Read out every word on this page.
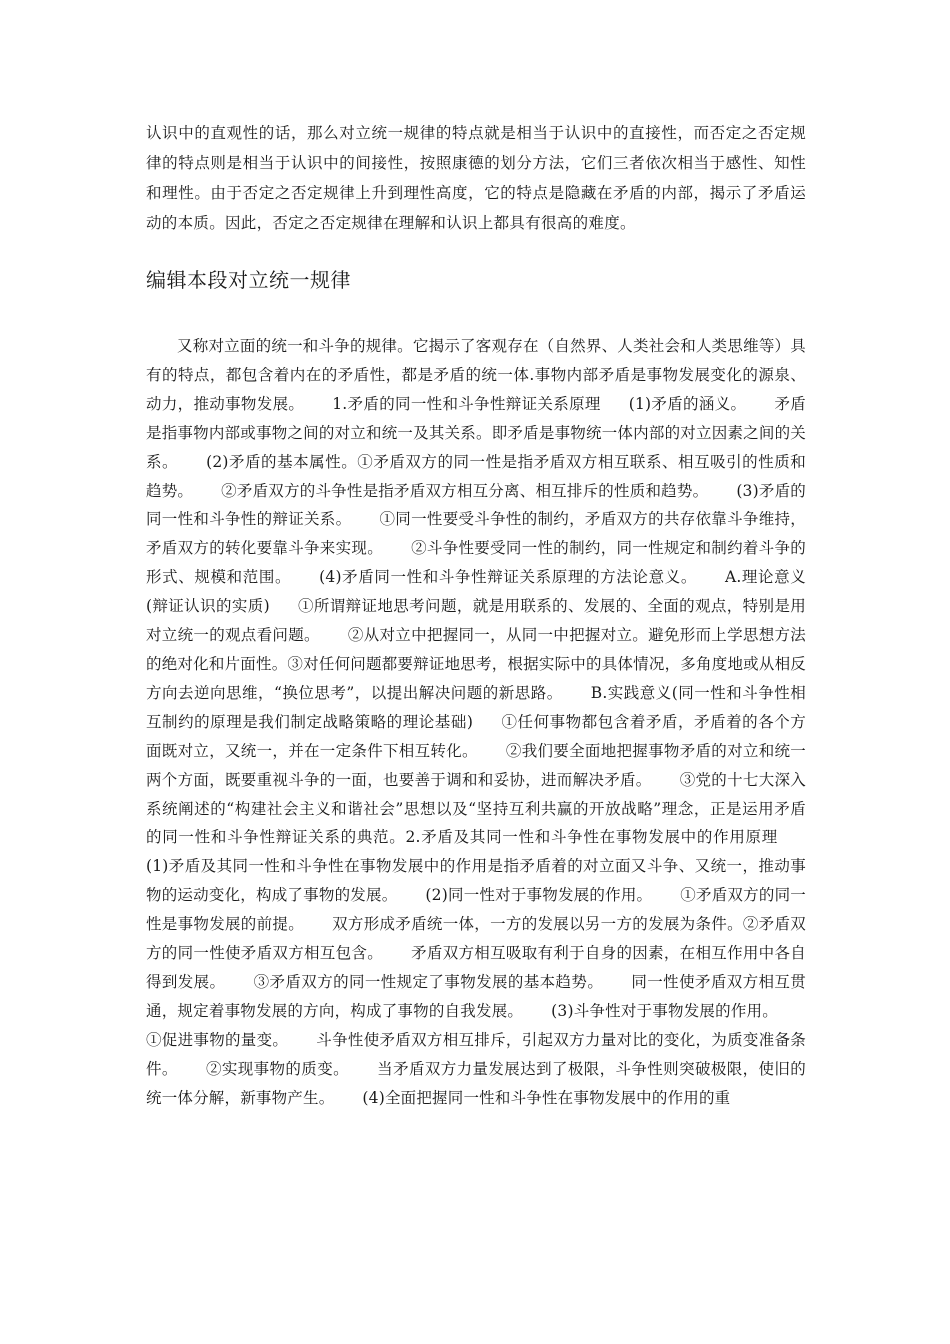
认识中的直观性的话，那么对立统一规律的特点就是相当于认识中的直接性，而否定之否定规律的特点则是相当于认识中的间接性，按照康德的划分方法，它们三者依次相当于感性、知性和理性。由于否定之否定规律上升到理性高度，它的特点是隐藏在矛盾的内部，揭示了矛盾运动的本质。因此，否定之否定规律在理解和认识上都具有很高的难度。

编辑本段对立统一规律

又称对立面的统一和斗争的规律。它揭示了客观存在（自然界、人类社会和人类思维等）具有的特点，都包含着内在的矛盾性，都是矛盾的统一体.事物内部矛盾是事物发展变化的源泉、动力，推动事物发展。 1.矛盾的同一性和斗争性辩证关系原理 (1)矛盾的涵义。 矛盾是指事物内部或事物之间的对立和统一及其关系。即矛盾是事物统一体内部的对立因素之间的关系。 (2)矛盾的基本属性。①矛盾双方的同一性是指矛盾双方相互联系、相互吸引的性质和趋势。 ②矛盾双方的斗争性是指矛盾双方相互分离、相互排斥的性质和趋势。 (3)矛盾的同一性和斗争性的辩证关系。 ①同一性要受斗争性的制约，矛盾双方的共存依靠斗争维持，矛盾双方的转化要靠斗争来实现。 ②斗争性要受同一性的制约，同一性规定和制约着斗争的形式、规模和范围。 (4)矛盾同一性和斗争性辩证关系原理的方法论意义。 A.理论意义(辩证认识的实质) ①所谓辩证地思考问题，就是用联系的、发展的、全面的观点，特别是用对立统一的观点看问题。 ②从对立中把握同一，从同一中把握对立。避免形而上学思想方法的绝对化和片面性。③对任何问题都要辩证地思考，根据实际中的具体情况，多角度地或从相反方向去逆向思维，“换位思考”，以提出解决问题的新思路。 B.实践意义(同一性和斗争性相互制约的原理是我们制定战略策略的理论基础) ①任何事物都包含着矛盾，矛盾着的各个方面既对立，又统一，并在一定条件下相互转化。 ②我们要全面地把握事物矛盾的对立和统一两个方面，既要重视斗争的一面，也要善于调和和妥协，进而解决矛盾。 ③党的十七大深入系统阐述的“构建社会主义和谐社会”思想以及“坚持互利共赢的开放战略”理念，正是运用矛盾的同一性和斗争性辩证关系的典范。2.矛盾及其同一性和斗争性在事物发展中的作用原理(1)矛盾及其同一性和斗争性在事物发展中的作用是指矛盾着的对立面又斗争、又统一，推动事物的运动变化，构成了事物的发展。 (2)同一性对于事物发展的作用。 ①矛盾双方的同一性是事物发展的前提。 双方形成矛盾统一体，一方的发展以另一方的发展为条件。②矛盾双方的同一性使矛盾双方相互包含。 矛盾双方相互吸取有利于自身的因素，在相互作用中各自得到发展。 ③矛盾双方的同一性规定了事物发展的基本趋势。 同一性使矛盾双方相互贯通，规定着事物发展的方向，构成了事物的自我发展。 (3)斗争性对于事物发展的作用。①促进事物的量变。 斗争性使矛盾双方相互排斥，引起双方力量对比的变化，为质变准备条件。 ②实现事物的质变。 当矛盾双方力量发展达到了极限，斗争性则突破极限，使旧的统一体分解，新事物产生。 (4)全面把握同一性和斗争性在事物发展中的作用的重
